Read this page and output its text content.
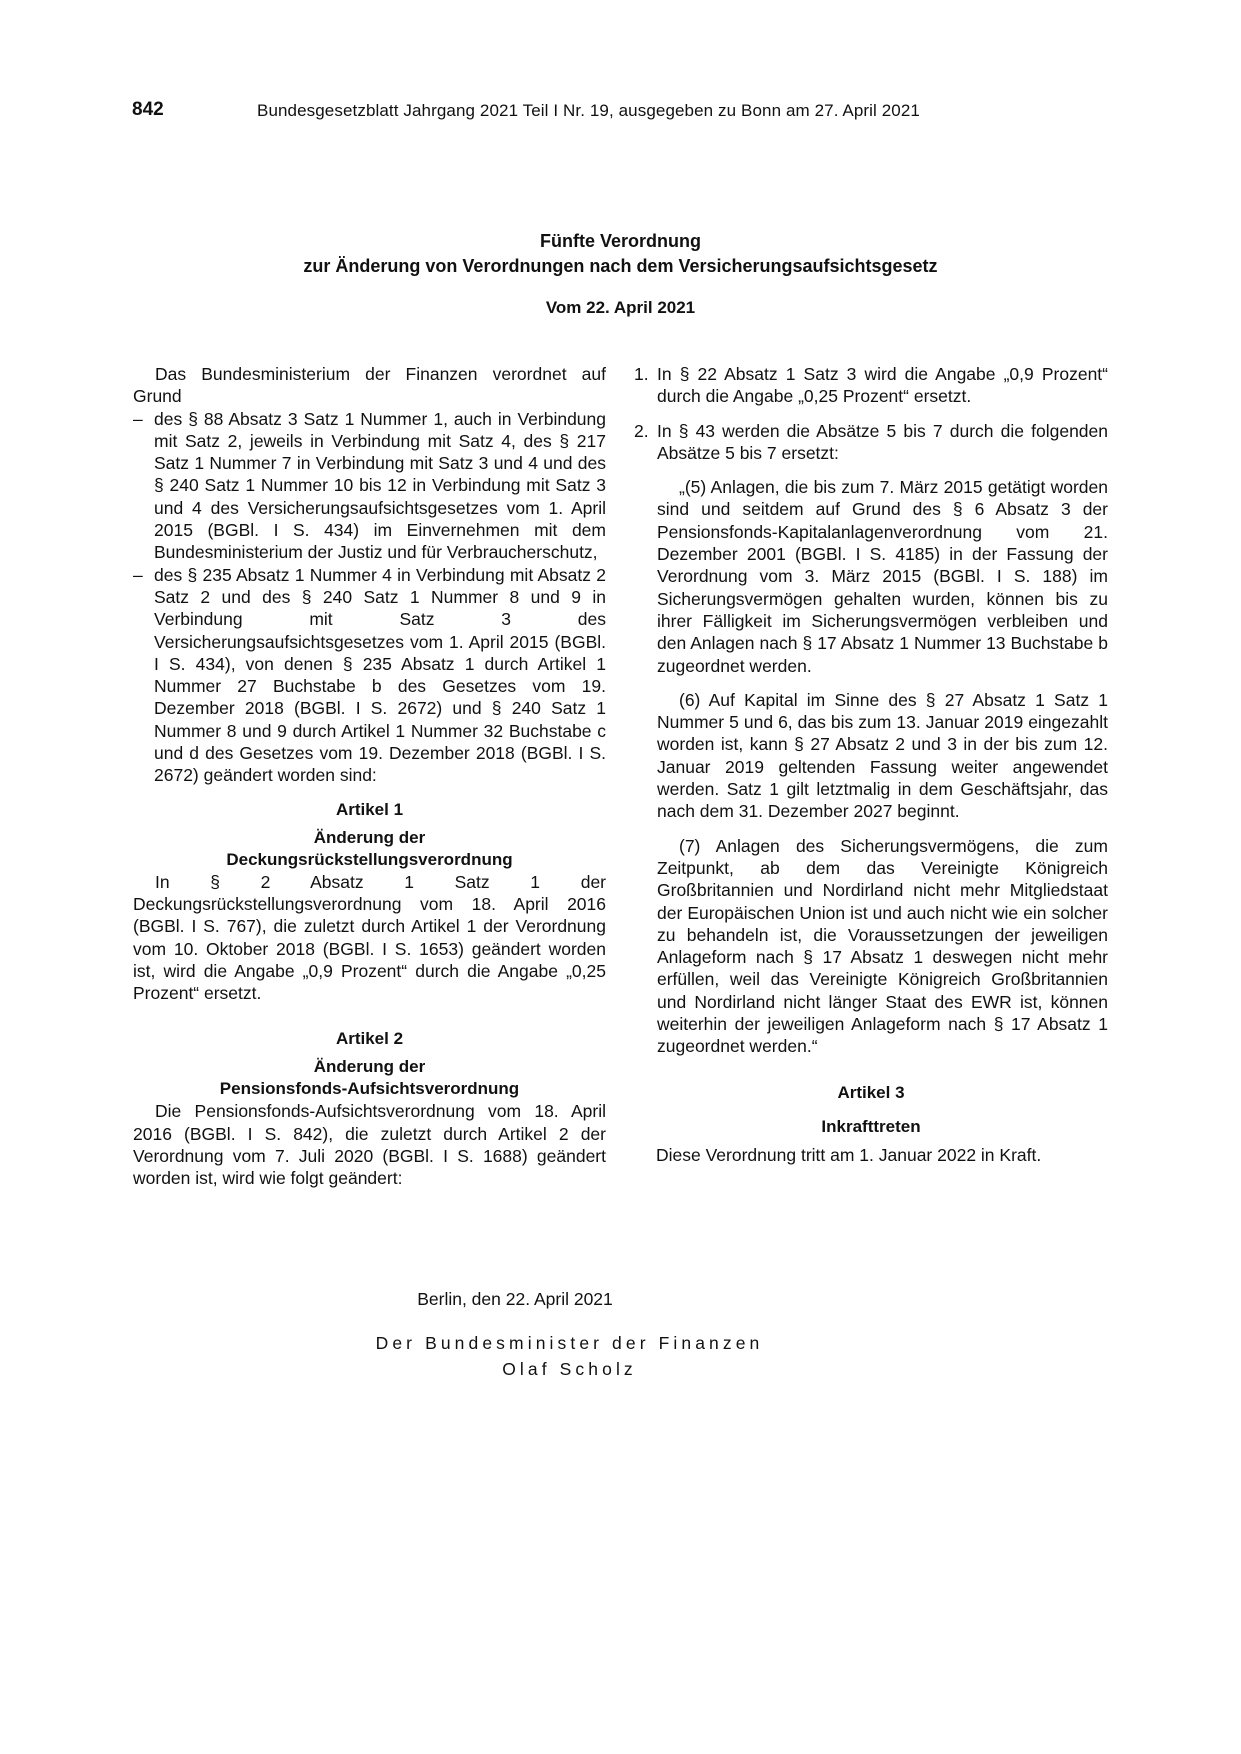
842	Bundesgesetzblatt Jahrgang 2021 Teil I Nr. 19, ausgegeben zu Bonn am 27. April 2021
Fünfte Verordnung
zur Änderung von Verordnungen nach dem Versicherungsaufsichtsgesetz
Vom 22. April 2021

Das Bundesministerium der Finanzen verordnet auf Grund

– des § 88 Absatz 3 Satz 1 Nummer 1, auch in Verbindung mit Satz 2, jeweils in Verbindung mit Satz 4, des § 217 Satz 1 Nummer 7 in Verbindung mit Satz 3 und 4 und des § 240 Satz 1 Nummer 10 bis 12 in Verbindung mit Satz 3 und 4 des Versicherungsaufsichtsgesetzes vom 1. April 2015 (BGBl. I S. 434) im Einvernehmen mit dem Bundesministerium der Justiz und für Verbraucherschutz,

– des § 235 Absatz 1 Nummer 4 in Verbindung mit Absatz 2 Satz 2 und des § 240 Satz 1 Nummer 8 und 9 in Verbindung mit Satz 3 des Versicherungsaufsichtsgesetzes vom 1. April 2015 (BGBl. I S. 434), von denen § 235 Absatz 1 durch Artikel 1 Nummer 27 Buchstabe b des Gesetzes vom 19. Dezember 2018 (BGBl. I S. 2672) und § 240 Satz 1 Nummer 8 und 9 durch Artikel 1 Nummer 32 Buchstabe c und d des Gesetzes vom 19. Dezember 2018 (BGBl. I S. 2672) geändert worden sind:

Artikel 1
Änderung der
Deckungsrückstellungsverordnung

In § 2 Absatz 1 Satz 1 der Deckungsrückstellungsverordnung vom 18. April 2016 (BGBl. I S. 767), die zuletzt durch Artikel 1 der Verordnung vom 10. Oktober 2018 (BGBl. I S. 1653) geändert worden ist, wird die Angabe „0,9 Prozent“ durch die Angabe „0,25 Prozent“ ersetzt.

Artikel 2
Änderung der
Pensionsfonds-Aufsichtsverordnung

Die Pensionsfonds-Aufsichtsverordnung vom 18. April 2016 (BGBl. I S. 842), die zuletzt durch Artikel 2 der Verordnung vom 7. Juli 2020 (BGBl. I S. 1688) geändert worden ist, wird wie folgt geändert:

1. In § 22 Absatz 1 Satz 3 wird die Angabe „0,9 Prozent“ durch die Angabe „0,25 Prozent“ ersetzt.

2. In § 43 werden die Absätze 5 bis 7 durch die folgenden Absätze 5 bis 7 ersetzt:

„(5) Anlagen, die bis zum 7. März 2015 getätigt worden sind und seitdem auf Grund des § 6 Absatz 3 der Pensionsfonds-Kapitalanlagenverordnung vom 21. Dezember 2001 (BGBl. I S. 4185) in der Fassung der Verordnung vom 3. März 2015 (BGBl. I S. 188) im Sicherungsvermögen gehalten wurden, können bis zu ihrer Fälligkeit im Sicherungsvermögen verbleiben und den Anlagen nach § 17 Absatz 1 Nummer 13 Buchstabe b zugeordnet werden.

(6) Auf Kapital im Sinne des § 27 Absatz 1 Satz 1 Nummer 5 und 6, das bis zum 13. Januar 2019 eingezahlt worden ist, kann § 27 Absatz 2 und 3 in der bis zum 12. Januar 2019 geltenden Fassung weiter angewendet werden. Satz 1 gilt letztmalig in dem Geschäftsjahr, das nach dem 31. Dezember 2027 beginnt.

(7) Anlagen des Sicherungsvermögens, die zum Zeitpunkt, ab dem das Vereinigte Königreich Großbritannien und Nordirland nicht mehr Mitgliedstaat der Europäischen Union ist und auch nicht wie ein solcher zu behandeln ist, die Voraussetzungen der jeweiligen Anlageform nach § 17 Absatz 1 deswegen nicht mehr erfüllen, weil das Vereinigte Königreich Großbritannien und Nordirland nicht länger Staat des EWR ist, können weiterhin der jeweiligen Anlageform nach § 17 Absatz 1 zugeordnet werden.“

Artikel 3
Inkrafttreten

Diese Verordnung tritt am 1. Januar 2022 in Kraft.

Berlin, den 22. April 2021
Der Bundesminister der Finanzen
Olaf Scholz
